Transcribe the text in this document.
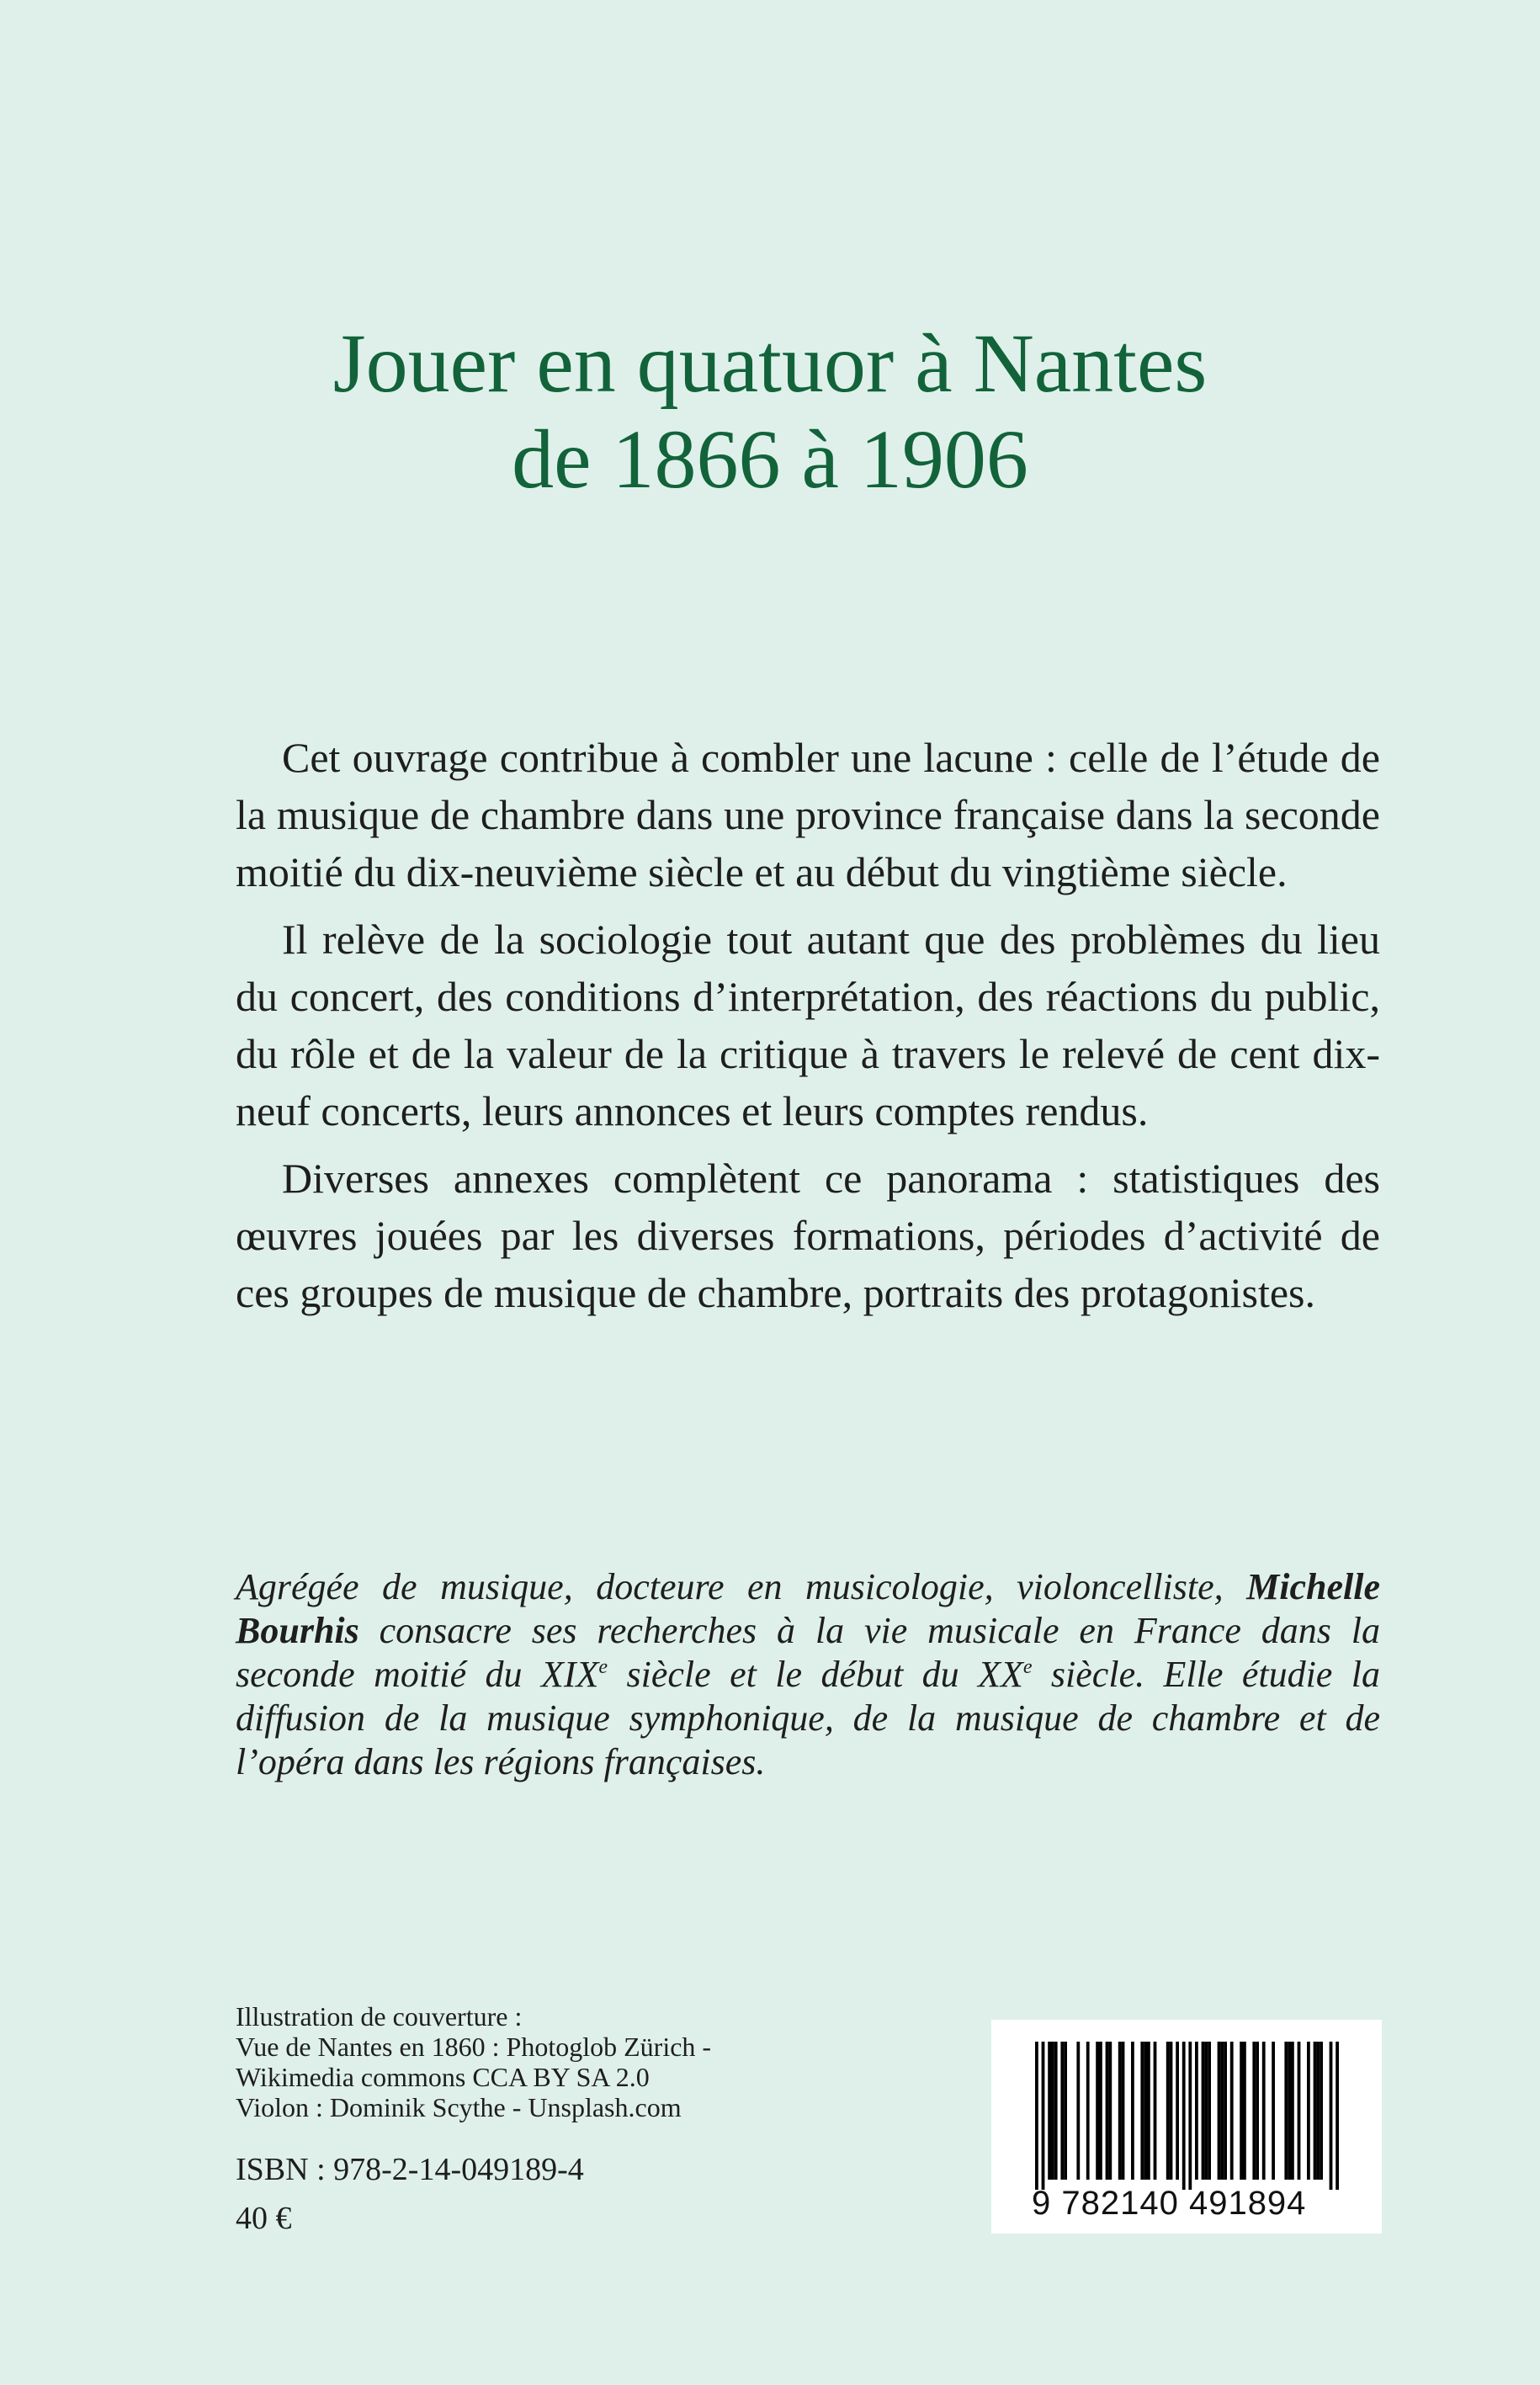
Jouer en quatuor à Nantes
de 1866 à 1906

Cet ouvrage contribue à combler une lacune : celle de l’étude de la musique de chambre dans une province française dans la seconde moitié du dix-neuvième siècle et au début du vingtième siècle.

Il relève de la sociologie tout autant que des problèmes du lieu du concert, des conditions d’interprétation, des réactions du public, du rôle et de la valeur de la critique à travers le relevé de cent dix-neuf concerts, leurs annonces et leurs comptes rendus.

Diverses annexes complètent ce panorama : statistiques des œuvres jouées par les diverses formations, périodes d’activité de ces groupes de musique de chambre, portraits des protagonistes.

Agrégée de musique, docteure en musicologie, violoncelliste, Michelle Bourhis consacre ses recherches à la vie musicale en France dans la seconde moitié du XIXe siècle et le début du XXe siècle. Elle étudie la diffusion de la musique symphonique, de la musique de chambre et de l’opéra dans les régions françaises.

Illustration de couverture :
Vue de Nantes en 1860 : Photoglob Zürich -
Wikimedia commons CCA BY SA 2.0
Violon : Dominik Scythe - Unsplash.com
ISBN : 978-2-14-049189-4
40 €	9 782140 491894
